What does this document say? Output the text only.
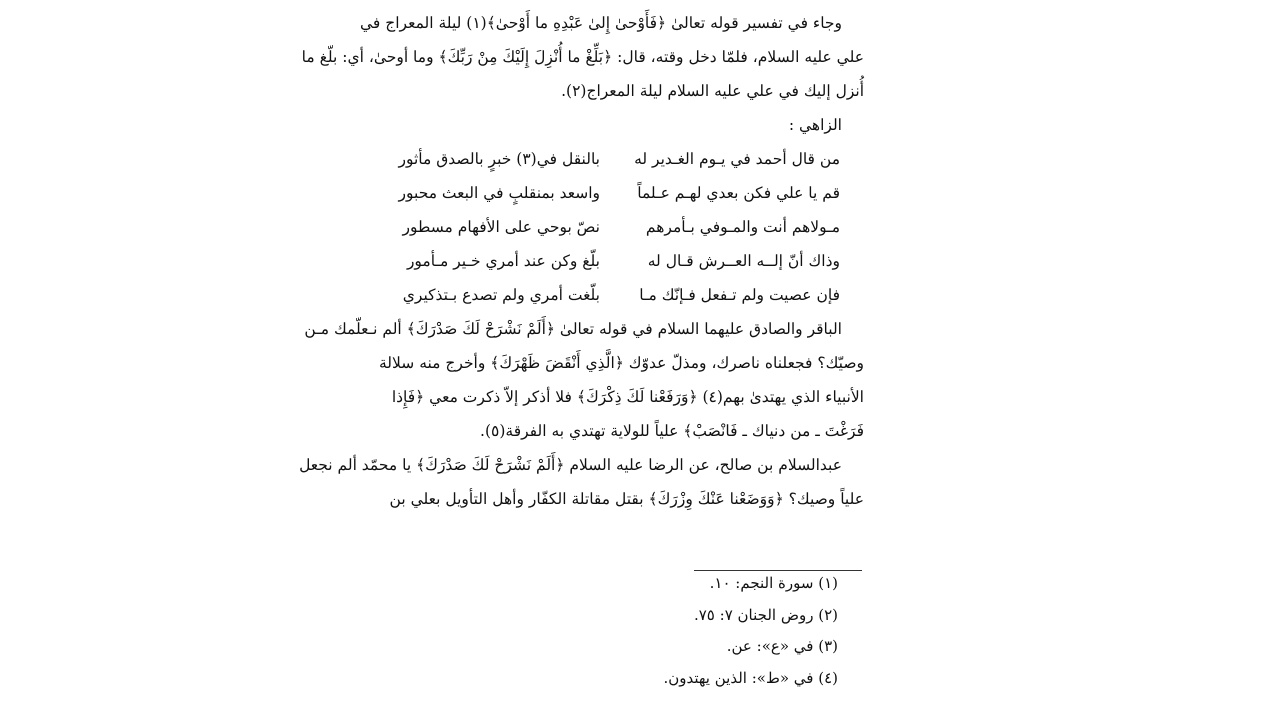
وجاء في تفسير قوله تعالىٰ ﴿فَأَوْحىٰ إِلىٰ عَبْدِهِ ما أَوْحىٰ﴾(١) ليلة المعراج في
علي عليه السلام، فلمّا دخل وقته، قال: ﴿بَلِّغْ ما أُنْزِلَ إِلَيْكَ مِنْ رَبِّكَ﴾ وما أوحىٰ، أي: بلّغ ما
أُنزل إليك في علي عليه السلام ليلة المعراج(٢).
الزاهي :
من قال أحمد في يـوم الغـدير له
بالنقل في(٣) خبرٍ بالصدق مأثور
قم يا علي فكن بعدي لهـم عـلماً
واسعد بمنقلبٍ في البعث محبور
مـولاهم أنت والمـوفي بـأمرهم
نصّ بوحي على الأفهام مسطور
وذاك أنّ إلــه العــرش قـال له
بلّغ وكن عند أمري خـير مـأمور
فإن عصيت ولم تـفعل فـإنّك مـا
بلّغت أمري ولم تصدع بـتذكيري
الباقر والصادق عليهما السلام في قوله تعالىٰ ﴿أَلَمْ نَشْرَحْ لَكَ صَدْرَكَ﴾ ألم نـعلّمك مـن
وصيّك؟ فجعلناه ناصرك، ومذلّ عدوّك ﴿الَّذِي أَنْقَضَ ظَهْرَكَ﴾ وأخرج منه سلالة
الأنبياء الذي يهتدىٰ بهم(٤) ﴿وَرَفَعْنا لَكَ ذِكْرَكَ﴾ فلا أذكر إلاّ ذكرت معي ﴿فَإِذا
فَرَغْتَ ـ من دنياك ـ فَانْصَبْ﴾ علياً للولاية تهتدي به الفرقة(٥).
عبدالسلام بن صالح، عن الرضا عليه السلام ﴿أَلَمْ نَشْرَحْ لَكَ صَدْرَكَ﴾ يا محمّد ألم نجعل
علياً وصيك؟ ﴿وَوَضَعْنا عَنْكَ وِزْرَكَ﴾ بقتل مقاتلة الكفّار وأهل التأويل بعلي بن
(١) سورة النجم: ١٠.
(٢) روض الجنان ٧: ٧٥.
(٣) في «ع»: عن.
(٤) في «ط»: الذين يهتدون.
